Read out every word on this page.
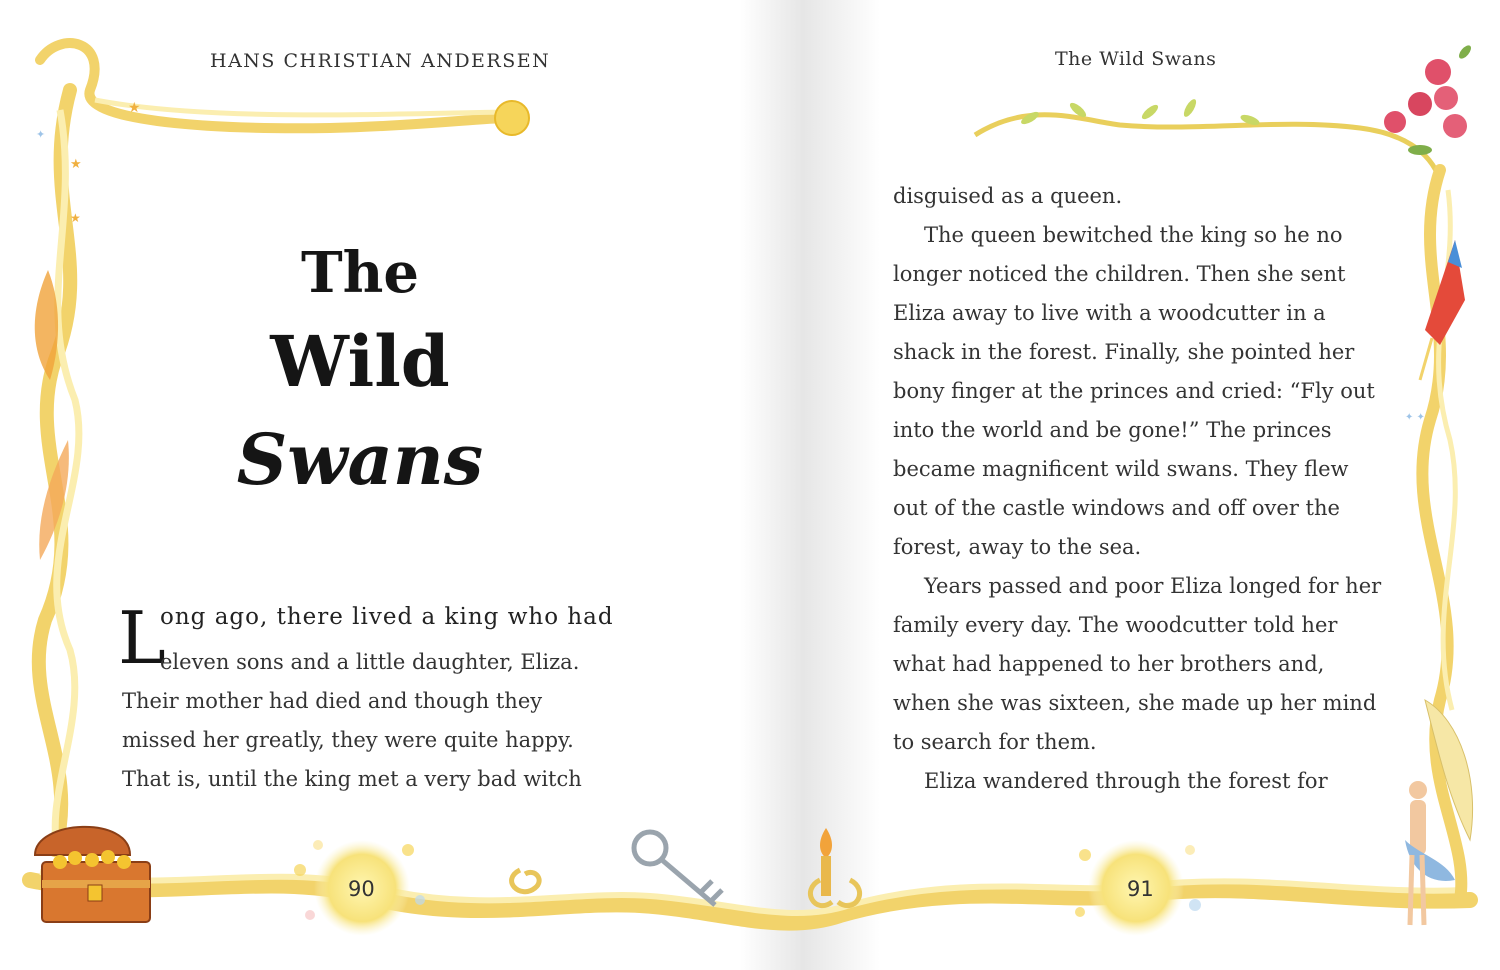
★
★
★
✦
✦ ✦
HANS CHRISTIAN ANDERSEN
The
Wild
Swans
L
ong ago, there lived a king who had
eleven sons and a little daughter, Eliza.
Their mother had died and though they
missed her greatly, they were quite happy.
That is, until the king met a very bad witch
90
The Wild Swans
disguised as a queen.
The queen bewitched the king so he no
longer noticed the children. Then she sent
Eliza away to live with a woodcutter in a
shack in the forest. Finally, she pointed her
bony finger at the princes and cried: “Fly out
into the world and be gone!” The princes
became magnificent wild swans. They flew
out of the castle windows and off over the
forest, away to the sea.
Years passed and poor Eliza longed for her
family every day. The woodcutter told her
what had happened to her brothers and,
when she was sixteen, she made up her mind
to search for them.
Eliza wandered through the forest for
91
